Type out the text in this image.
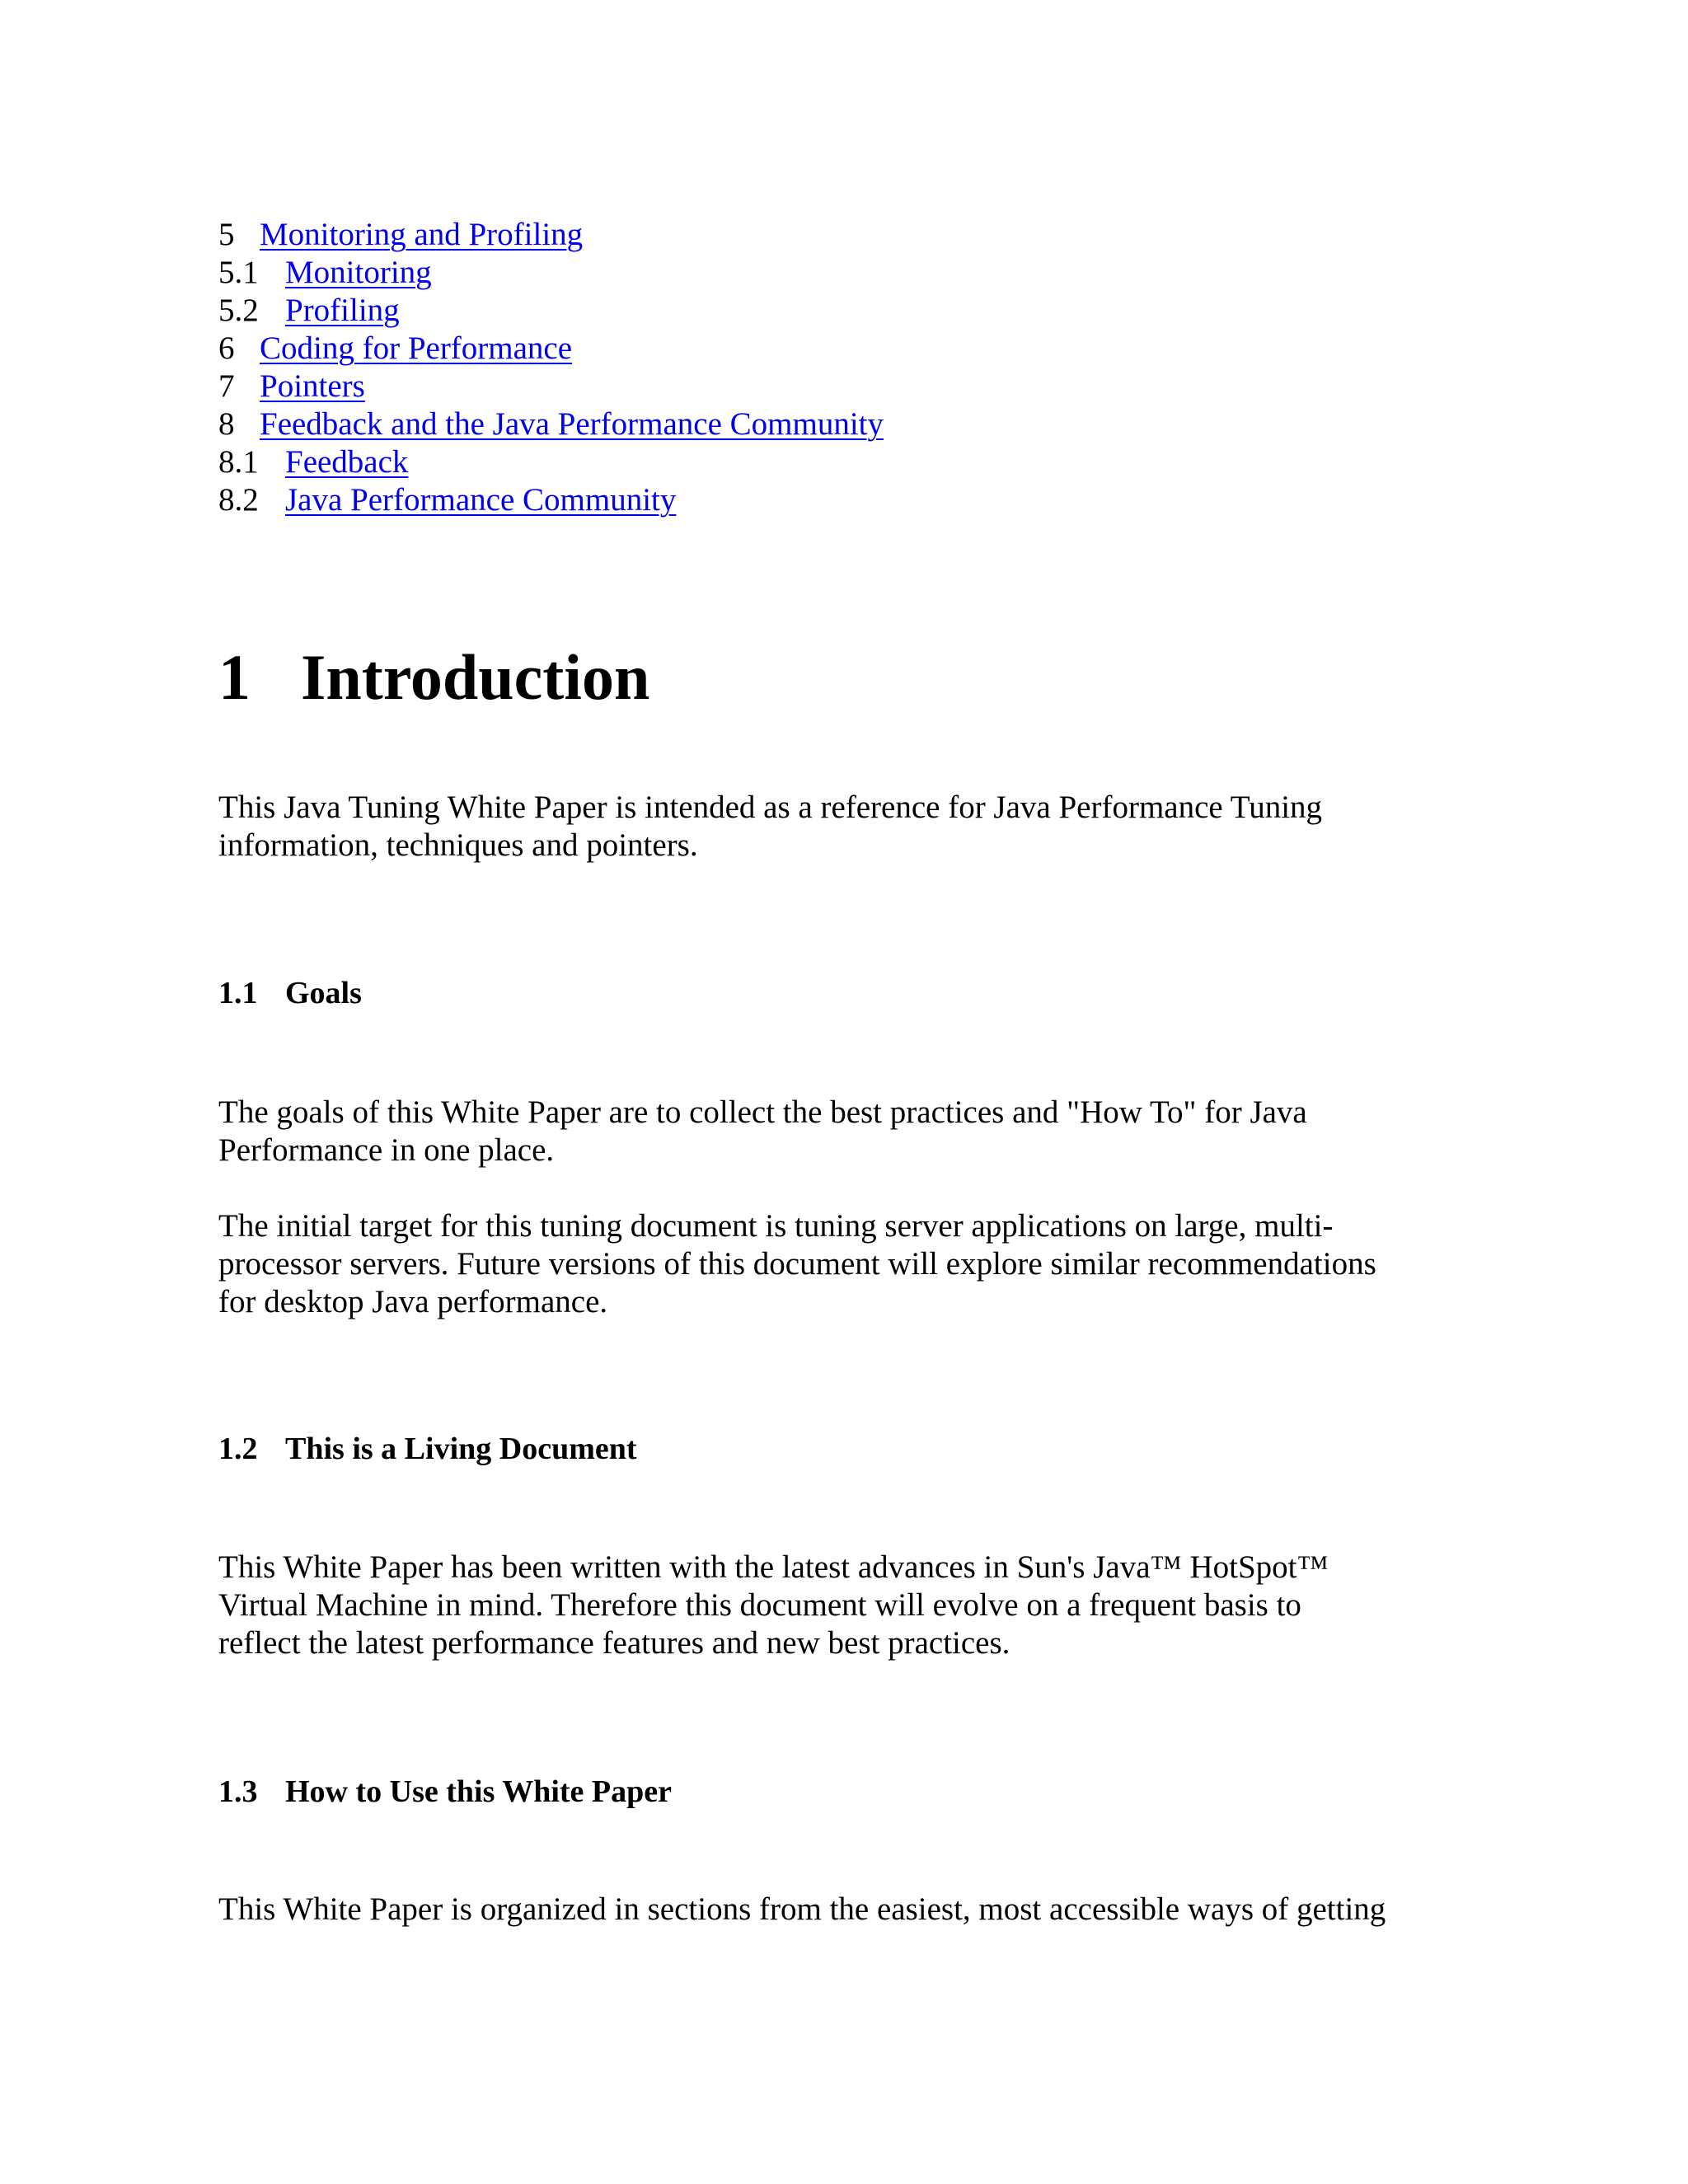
5 Monitoring and Profiling
5.1 Monitoring
5.2 Profiling
6 Coding for Performance
7 Pointers
8 Feedback and the Java Performance Community
8.1 Feedback
8.2 Java Performance Community
1 Introduction

This Java Tuning White Paper is intended as a reference for Java Performance Tuning
information, techniques and pointers.

1.1 Goals

The goals of this White Paper are to collect the best practices and "How To" for Java
Performance in one place.

The initial target for this tuning document is tuning server applications on large, multi-
processor servers. Future versions of this document will explore similar recommendations
for desktop Java performance.

1.2 This is a Living Document

This White Paper has been written with the latest advances in Sun's Java™ HotSpot™
Virtual Machine in mind. Therefore this document will evolve on a frequent basis to
reflect the latest performance features and new best practices.

1.3 How to Use this White Paper

This White Paper is organized in sections from the easiest, most accessible ways of getting
